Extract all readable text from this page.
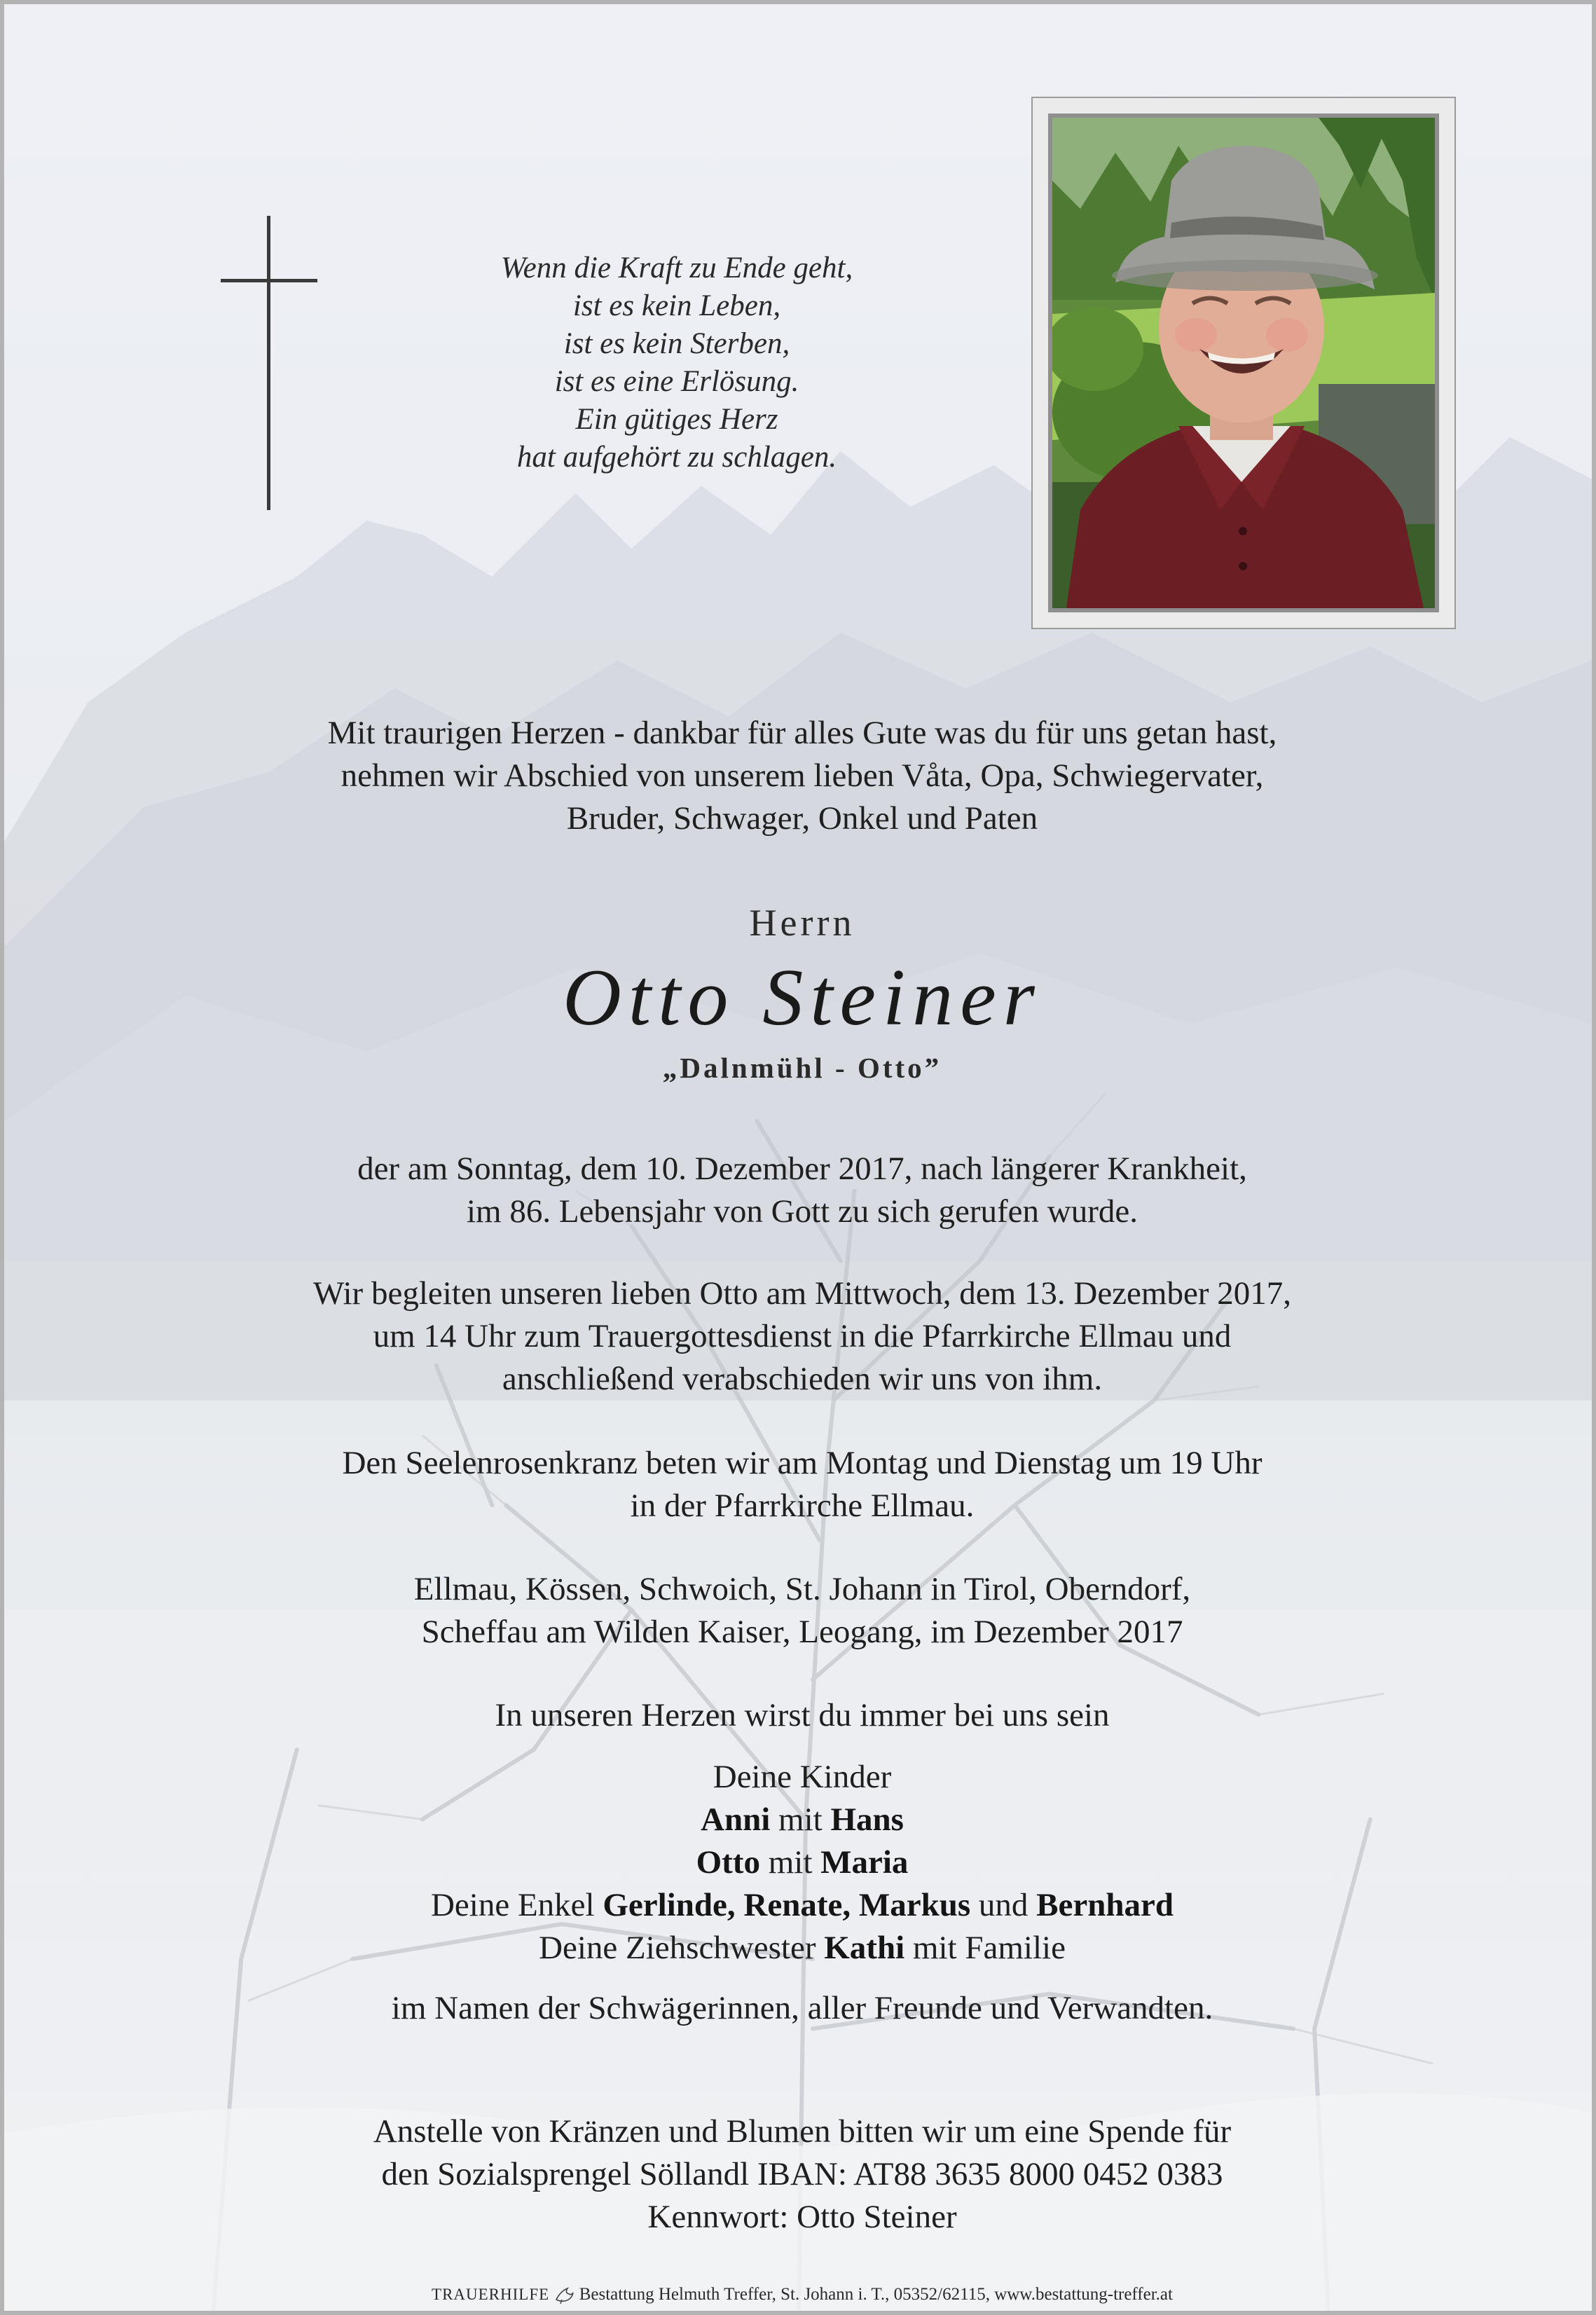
Wenn die Kraft zu Ende geht,
ist es kein Leben,
ist es kein Sterben,
ist es eine Erlösung.
Ein gütiges Herz
hat aufgehört zu schlagen.
Mit traurigen Herzen - dankbar für alles Gute was du für uns getan hast,
nehmen wir Abschied von unserem lieben Våta, Opa, Schwiegervater,
Bruder, Schwager, Onkel und Paten
Herrn
Otto Steiner
„Dalnmühl - Otto”
der am Sonntag, dem 10. Dezember 2017, nach längerer Krankheit,
im 86. Lebensjahr von Gott zu sich gerufen wurde.
Wir begleiten unseren lieben Otto am Mittwoch, dem 13. Dezember 2017,
um 14 Uhr zum Trauergottesdienst in die Pfarrkirche Ellmau und
anschließend verabschieden wir uns von ihm.
Den Seelenrosenkranz beten wir am Montag und Dienstag um 19 Uhr
in der Pfarrkirche Ellmau.
Ellmau, Kössen, Schwoich, St. Johann in Tirol, Oberndorf,
Scheffau am Wilden Kaiser, Leogang, im Dezember 2017
In unseren Herzen wirst du immer bei uns sein
Deine Kinder
Anni mit Hans
Otto mit Maria
Deine Enkel Gerlinde, Renate, Markus und Bernhard
Deine Ziehschwester Kathi mit Familie
im Namen der Schwägerinnen, aller Freunde und Verwandten.
Anstelle von Kränzen und Blumen bitten wir um eine Spende für
den Sozialsprengel Söllandl IBAN: AT88 3635 8000 0452 0383
Kennwort: Otto Steiner
TRAUERHILFE Bestattung Helmuth Treffer, St. Johann i. T., 05352/62115, www.bestattung-treffer.at
